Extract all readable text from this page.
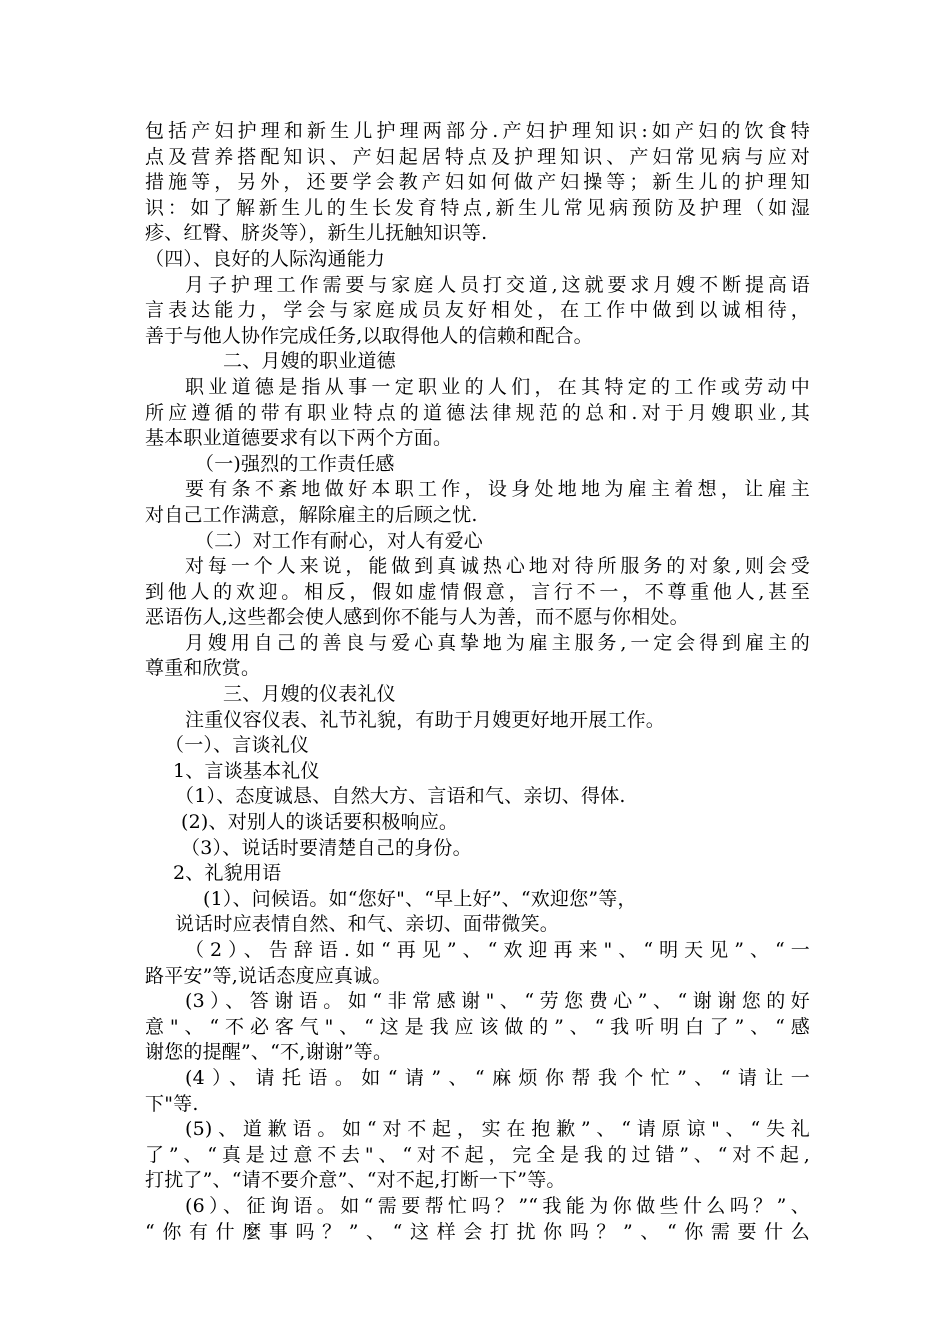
包括产妇护理和新生儿护理两部分.产妇护理知识:如产妇的饮食特
点及营养搭配知识、产妇起居特点及护理知识、产妇常见病与应对
措施等，另外，还要学会教产妇如何做产妇操等；新生儿的护理知
识：如了解新生儿的生长发育特点,新生儿常见病预防及护理（如湿
疹、红臀、脐炎等），新生儿抚触知识等.
（四）、良好的人际沟通能力
月子护理工作需要与家庭人员打交道,这就要求月嫂不断提高语
言表达能力，学会与家庭成员友好相处，在工作中做到以诚相待，
善于与他人协作完成任务,以取得他人的信赖和配合。
二、月嫂的职业道德
职业道德是指从事一定职业的人们，在其特定的工作或劳动中
所应遵循的带有职业特点的道德法律规范的总和.对于月嫂职业,其
基本职业道德要求有以下两个方面。
（一)强烈的工作责任感
要有条不紊地做好本职工作，设身处地地为雇主着想，让雇主
对自己工作满意，解除雇主的后顾之忧.
（二）对工作有耐心，对人有爱心
对每一个人来说，能做到真诚热心地对待所服务的对象,则会受
到他人的欢迎。相反，假如虚情假意，言行不一，不尊重他人,甚至
恶语伤人,这些都会使人感到你不能与人为善，而不愿与你相处。
月嫂用自己的善良与爱心真挚地为雇主服务,一定会得到雇主的
尊重和欣赏。
三、月嫂的仪表礼仪
注重仪容仪表、礼节礼貌，有助于月嫂更好地开展工作。
（一）、言谈礼仪
1、言谈基本礼仪
（1）、态度诚恳、自然大方、言语和气、亲切、得体.
(2)、对别人的谈话要积极响应。
（3）、说话时要清楚自己的身份。
2、礼貌用语
(1）、问候语。如“您好"、“早上好”、“欢迎您”等，
说话时应表情自然、和气、亲切、面带微笑。
（2）、告辞语.如“再见”、“欢迎再来"、“明天见”、“一
路平安”等,说话态度应真诚。
(3）、答谢语。如“非常感谢"、“劳您费心”、“谢谢您的好
意"、“不必客气"、“这是我应该做的”、“我听明白了”、“感
谢您的提醒”、“不,谢谢”等。
(4）、请托语。如“请”、“麻烦你帮我个忙”、“请让一
下"等.
(5)、道歉语。如“对不起，实在抱歉”、“请原谅"、“失礼
了”、“真是过意不去"、“对不起，完全是我的过错”、“对不起,
打扰了”、“请不要介意”、“对不起,打断一下”等。
(6）、征询语。如“需要帮忙吗？”“我能为你做些什么吗？”、
“你有什麼事吗？”、“这样会打扰你吗？”、“你需要什么
